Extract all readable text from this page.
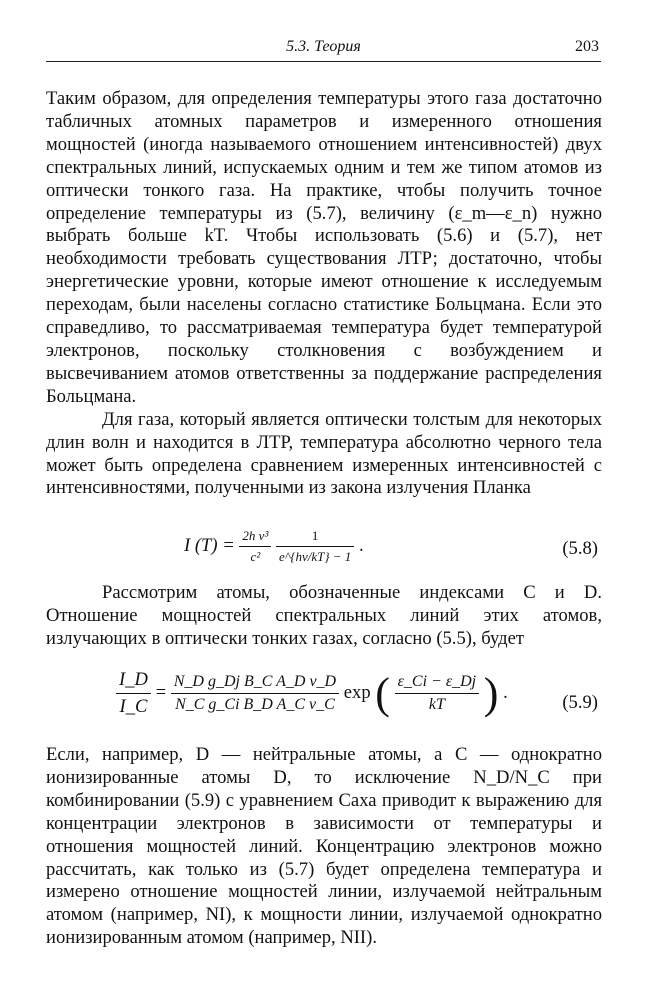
5.3. Теория	203

Таким образом, для определения температуры этого газа достаточно табличных атомных параметров и измеренного отношения мощностей (иногда называемого отношением интенсивностей) двух спектральных линий, испускаемых одним и тем же типом атомов из оптически тонкого газа. На практике, чтобы получить точное определение температуры из (5.7), величину (ε_m—ε_n) нужно выбрать больше kT. Чтобы использовать (5.6) и (5.7), нет необходимости требовать существования ЛТР; достаточно, чтобы энергетические уровни, которые имеют отношение к исследуемым переходам, были населены согласно статистике Больцмана. Если это справедливо, то рассматриваемая температура будет температурой электронов, поскольку столкновения с возбуждением и высвечиванием атомов ответственны за поддержание распределения Больцмана.

Для газа, который является оптически толстым для некоторых длин волн и находится в ЛТР, температура абсолютно черного тела может быть определена сравнением измеренных интенсивностей с интенсивностями, полученными из закона излучения Планка

I $(T) = \frac{\text{2h ν³}}{\text{c²}}$
$\frac{1}{e\^{}\{h\nu/kT\} - 1}$ .	(5.8)

Рассмотрим атомы, обозначенные индексами C и D. Отношение мощностей спектральных линий этих атомов, излучающих в оптически тонких газах, согласно (5.5), будет

$\frac{I\_D}{I\_C} = \frac{\text{N\_D g\_Dj B\_C A\_D ν\_D}}{\text{N\_C g\_Ci B\_D A\_C ν\_C}}$ exp ( $\frac{\varepsilon\_Ci - \varepsilon\_Dj}{kT}$ ) .	(5.9)

Если, например, D — нейтральные атомы, а C — однократно ионизированные атомы D, то исключение N_D/N_C при комбинировании (5.9) с уравнением Саха приводит к выражению для концентрации электронов в зависимости от температуры и отношения мощностей линий. Концентрацию электронов можно рассчитать, как только из (5.7) будет определена температура и измерено отношение мощностей линии, излучаемой нейтральным атомом (например, NI), к мощности линии, излучаемой однократно ионизированным атомом (например, NII).
